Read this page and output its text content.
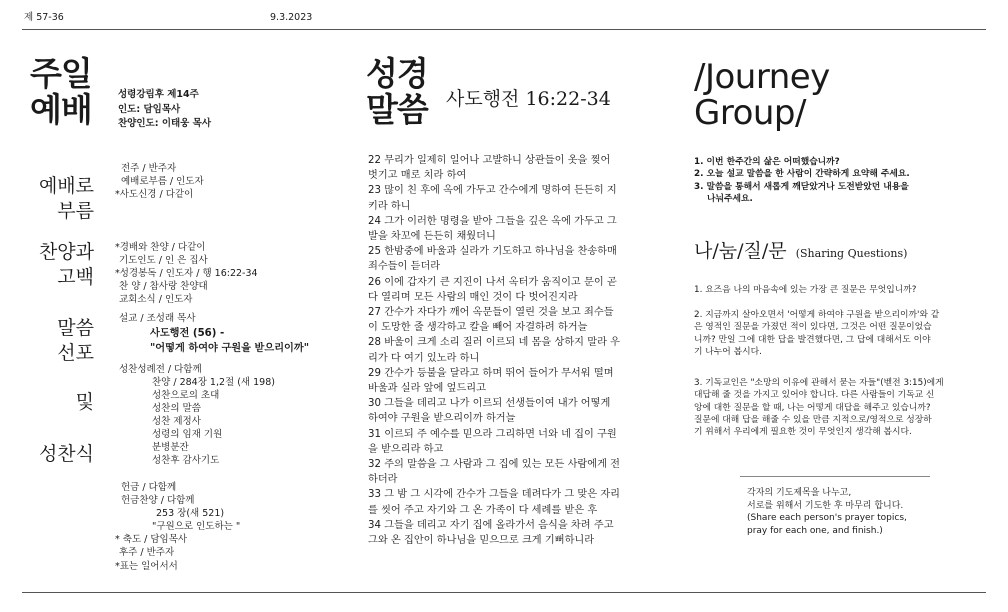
제 57-36	9.3.2023
주일
예배	성령강림후 제14주
인도: 담임목사
찬양인도: 이태웅 목사
예배로
부름
찬양과
고백
말씀
선포
및
성찬식
전주 / 반주자
예배로부름 / 인도자
*사도신경 / 다같이
*경배와 찬양 / 다같이
기도인도 / 인 은 집사
*성경봉독 / 인도자 / 행 16:22-34
찬 양 / 참사랑 찬양대
교회소식 / 인도자
설교 / 조성래 목사
사도행전 (56) -
"어떻게 하여야 구원을 받으리이까"
성찬성례전 / 다함께
찬양 / 284장 1,2절 (새 198)
성찬으로의 초대
성찬의 말씀
성찬 제정사
성령의 임재 기원
분병분잔
성찬후 감사기도
헌금 / 다함께
헌금찬양 / 다함께
253 장(새 521)
"구원으로 인도하는 "
* 축도 / 담임목사
후주 / 반주자
*표는 일어서서
성경
말씀 사도행전 16:22-34
22 무리가 일제히 일어나 고발하니 상관들이 옷을 찢어
벗기고 매로 치라 하여
23 많이 친 후에 옥에 가두고 간수에게 명하여 든든히 지
키라 하니
24 그가 이러한 명령을 받아 그들을 깊은 옥에 가두고 그
발을 차꼬에 든든히 채웠더니
25 한밤중에 바울과 실라가 기도하고 하나님을 찬송하매
죄수들이 듣더라
26 이에 갑자기 큰 지진이 나서 옥터가 움직이고 문이 곧
다 열리며 모든 사람의 매인 것이 다 벗어진지라
27 간수가 자다가 깨어 옥문들이 열린 것을 보고 죄수들
이 도망한 줄 생각하고 칼을 빼어 자결하려 하거늘
28 바울이 크게 소리 질러 이르되 네 몸을 상하지 말라 우
리가 다 여기 있노라 하니
29 간수가 등불을 달라고 하며 뛰어 들어가 무서워 떨며
바울과 실라 앞에 엎드리고
30 그들을 데리고 나가 이르되 선생들이여 내가 어떻게
하여야 구원을 받으리이까 하거늘
31 이르되 주 예수를 믿으라 그리하면 너와 네 집이 구원
을 받으리라 하고
32 주의 말씀을 그 사람과 그 집에 있는 모든 사람에게 전
하더라
33 그 밤 그 시각에 간수가 그들을 데려다가 그 맞은 자리
를 씻어 주고 자기와 그 온 가족이 다 세례를 받은 후
34 그들을 데리고 자기 집에 올라가서 음식을 차려 주고
그와 온 집안이 하나님을 믿으므로 크게 기뻐하니라
/Journey
Group/
1. 이번 한주간의 삶은 어떠했습니까?
2. 오늘 설교 말씀을 한 사람이 간략하게 요약해 주세요.
3. 말씀을 통해서 새롭게 깨닫았거나 도전받았던 내용을
나눠주세요.
나/눔/질/문 (Sharing Questions)
1. 요즈음 나의 마음속에 있는 가장 큰 질문은 무엇입니까?
2. 지금까지 살아오면서 '어떻게 하여야 구원을 받으리이까'와 같
은 영적인 질문을 가졌던 적이 있다면, 그것은 어떤 질문이었습
니까? 만일 그에 대한 답을 발견했다면, 그 답에 대해서도 이야
기 나누어 봅시다.
3. 기독교인은 "소망의 이유에 관해서 묻는 자들"(벧전 3:15)에게
대답해 줄 것을 가지고 있어야 합니다. 다른 사람들이 기독교 신
앙에 대한 질문을 할 때, 나는 어떻게 대답을 해주고 있습니까?
질문에 대해 답을 해줄 수 있을 만큼 지적으로/영적으로 성장하
기 위해서 우리에게 필요한 것이 무엇인지 생각해 봅시다.
각자의 기도제목을 나누고,
서로를 위해서 기도한 후 마무리 합니다.
(Share each person's prayer topics,
pray for each one, and finish.)
